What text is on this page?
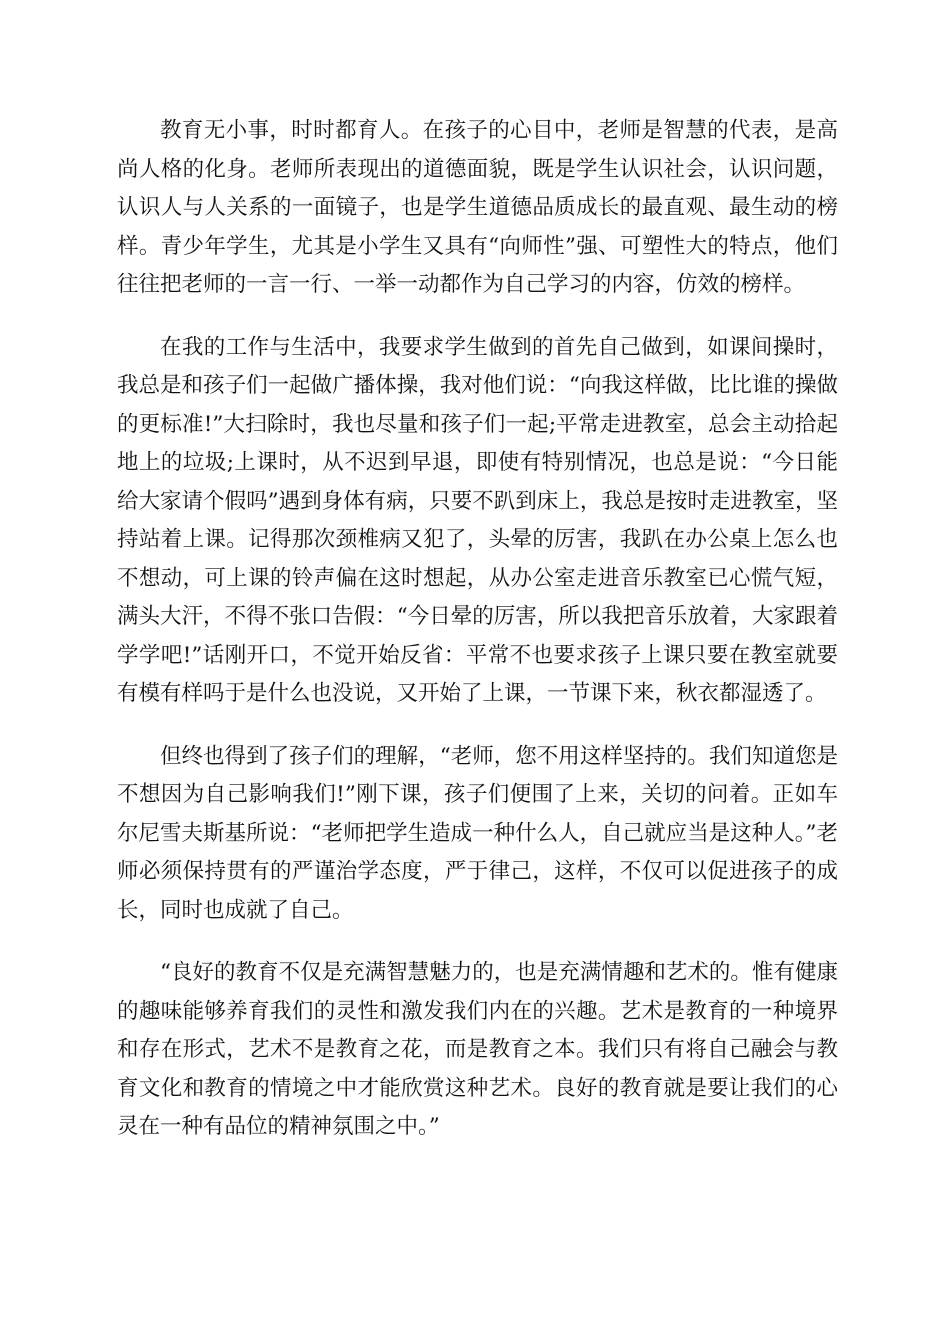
教育无小事，时时都育人。在孩子的心目中，老师是智慧的代表，是高尚人格的化身。老师所表现出的道德面貌，既是学生认识社会，认识问题，认识人与人关系的一面镜子，也是学生道德品质成长的最直观、最生动的榜样。青少年学生，尤其是小学生又具有“向师性”强、可塑性大的特点，他们往往把老师的一言一行、一举一动都作为自己学习的内容，仿效的榜样。

在我的工作与生活中，我要求学生做到的首先自己做到，如课间操时，我总是和孩子们一起做广播体操，我对他们说：“向我这样做，比比谁的操做的更标准!”大扫除时，我也尽量和孩子们一起;平常走进教室，总会主动拾起地上的垃圾;上课时，从不迟到早退，即使有特别情况，也总是说：“今日能给大家请个假吗”遇到身体有病，只要不趴到床上，我总是按时走进教室，坚持站着上课。记得那次颈椎病又犯了，头晕的厉害，我趴在办公桌上怎么也不想动，可上课的铃声偏在这时想起，从办公室走进音乐教室已心慌气短，满头大汗，不得不张口告假：“今日晕的厉害，所以我把音乐放着，大家跟着学学吧!”话刚开口，不觉开始反省：平常不也要求孩子上课只要在教室就要有模有样吗于是什么也没说，又开始了上课，一节课下来，秋衣都湿透了。

但终也得到了孩子们的理解，“老师，您不用这样坚持的。我们知道您是不想因为自己影响我们!”刚下课，孩子们便围了上来，关切的问着。正如车尔尼雪夫斯基所说：“老师把学生造成一种什么人，自己就应当是这种人。”老师必须保持贯有的严谨治学态度，严于律己，这样，不仅可以促进孩子的成长，同时也成就了自己。

“良好的教育不仅是充满智慧魅力的，也是充满情趣和艺术的。惟有健康的趣味能够养育我们的灵性和激发我们内在的兴趣。艺术是教育的一种境界和存在形式，艺术不是教育之花，而是教育之本。我们只有将自己融会与教育文化和教育的情境之中才能欣赏这种艺术。良好的教育就是要让我们的心灵在一种有品位的精神氛围之中。”
